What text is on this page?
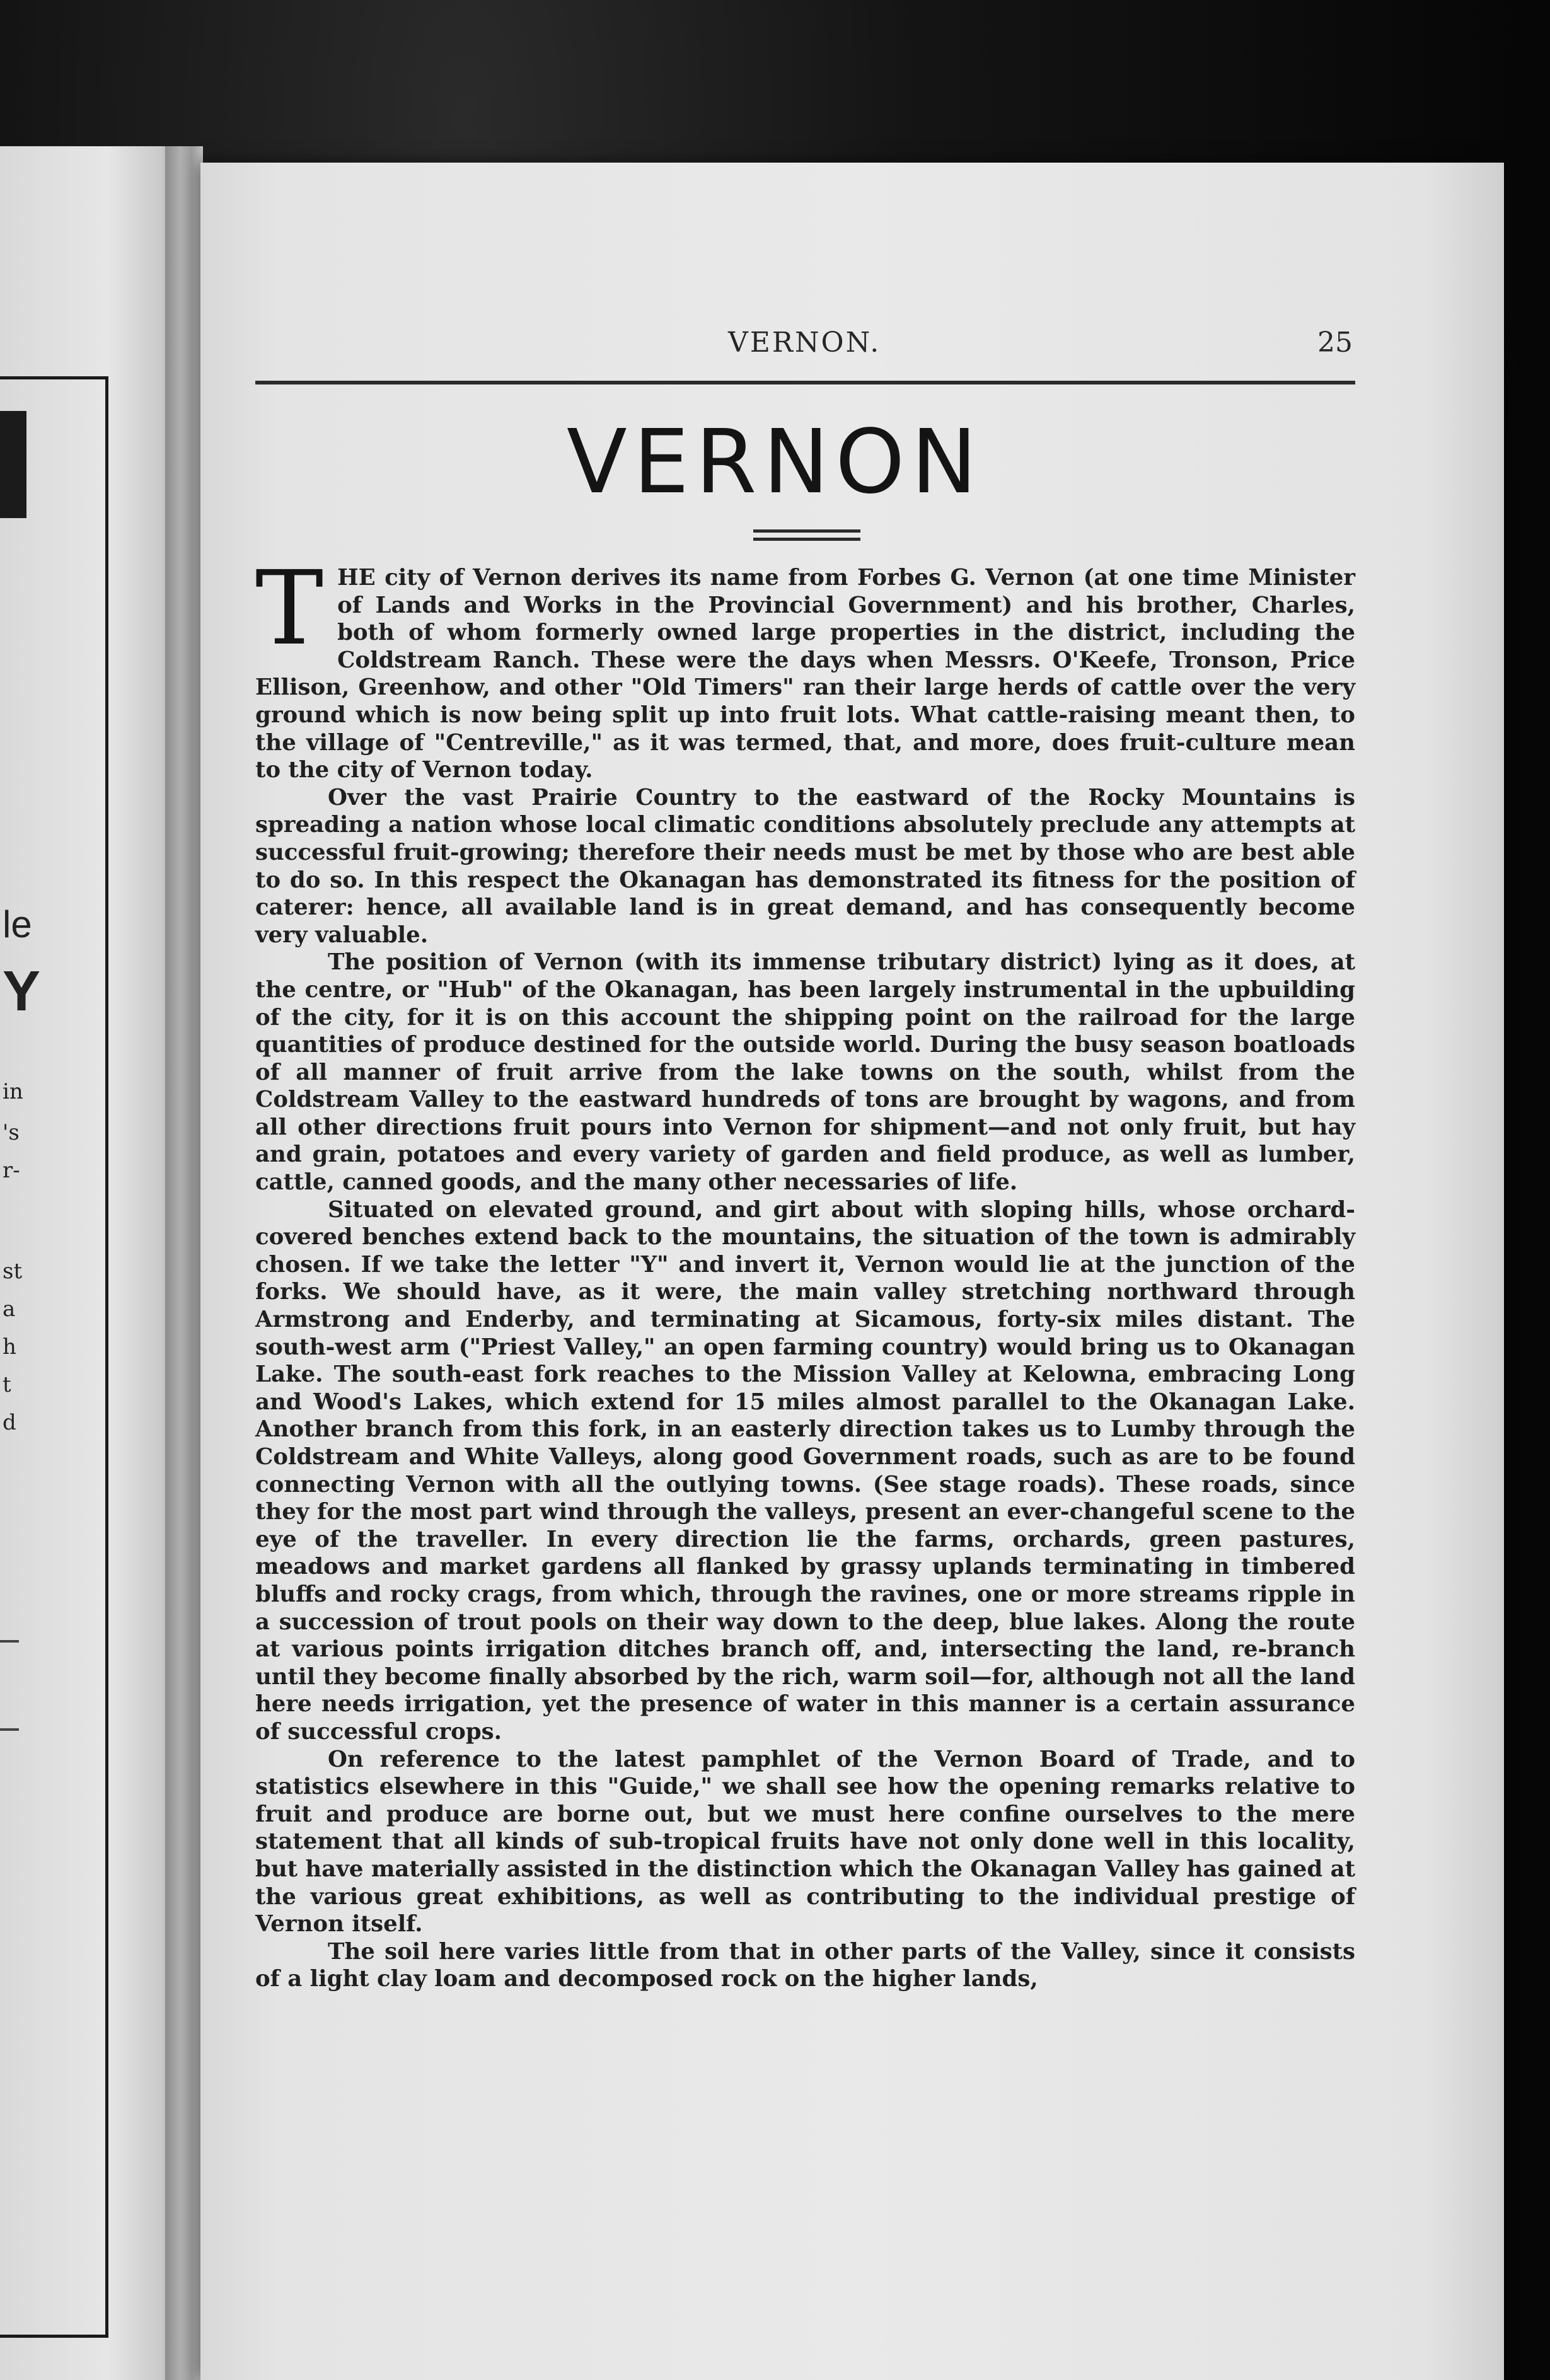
le
Y
in
's
r-
st
a
h
t
d
VERNON.	25
VERNON

THE city of Vernon derives its name from Forbes G. Vernon (at one time Minister of Lands and Works in the Provincial Government) and his brother, Charles, both of whom formerly owned large properties in the district, including the Coldstream Ranch. These were the days when Messrs. O'Keefe, Tronson, Price Ellison, Greenhow, and other "Old Timers" ran their large herds of cattle over the very ground which is now being split up into fruit lots. What cattle-raising meant then, to the village of "Centreville," as it was termed, that, and more, does fruit-culture mean to the city of Vernon today.

Over the vast Prairie Country to the eastward of the Rocky Mountains is spreading a nation whose local climatic conditions absolutely preclude any attempts at successful fruit-growing; therefore their needs must be met by those who are best able to do so. In this respect the Okanagan has demonstrated its fitness for the position of caterer: hence, all available land is in great demand, and has consequently become very valuable.

The position of Vernon (with its immense tributary district) lying as it does, at the centre, or "Hub" of the Okanagan, has been largely instrumental in the upbuilding of the city, for it is on this account the shipping point on the railroad for the large quantities of produce destined for the outside world. During the busy season boatloads of all manner of fruit arrive from the lake towns on the south, whilst from the Coldstream Valley to the eastward hundreds of tons are brought by wagons, and from all other directions fruit pours into Vernon for shipment—and not only fruit, but hay and grain, potatoes and every variety of garden and field produce, as well as lumber, cattle, canned goods, and the many other necessaries of life.

Situated on elevated ground, and girt about with sloping hills, whose orchard-covered benches extend back to the mountains, the situation of the town is admirably chosen. If we take the letter "Y" and invert it, Vernon would lie at the junction of the forks. We should have, as it were, the main valley stretching northward through Armstrong and Enderby, and terminating at Sicamous, forty-six miles distant. The south-west arm ("Priest Valley," an open farming country) would bring us to Okanagan Lake. The south-east fork reaches to the Mission Valley at Kelowna, embracing Long and Wood's Lakes, which extend for 15 miles almost parallel to the Okanagan Lake. Another branch from this fork, in an easterly direction takes us to Lumby through the Coldstream and White Valleys, along good Government roads, such as are to be found connecting Vernon with all the outlying towns. (See stage roads). These roads, since they for the most part wind through the valleys, present an ever-changeful scene to the eye of the traveller. In every direction lie the farms, orchards, green pastures, meadows and market gardens all flanked by grassy uplands terminating in timbered bluffs and rocky crags, from which, through the ravines, one or more streams ripple in a succession of trout pools on their way down to the deep, blue lakes. Along the route at various points irrigation ditches branch off, and, intersecting the land, re-branch until they become finally absorbed by the rich, warm soil—for, although not all the land here needs irrigation, yet the presence of water in this manner is a certain assurance of successful crops.

On reference to the latest pamphlet of the Vernon Board of Trade, and to statistics elsewhere in this "Guide," we shall see how the opening remarks relative to fruit and produce are borne out, but we must here confine ourselves to the mere statement that all kinds of sub-tropical fruits have not only done well in this locality, but have materially assisted in the distinction which the Okanagan Valley has gained at the various great exhibitions, as well as contributing to the individual prestige of Vernon itself.

The soil here varies little from that in other parts of the Valley, since it consists of a light clay loam and decomposed rock on the higher lands,
